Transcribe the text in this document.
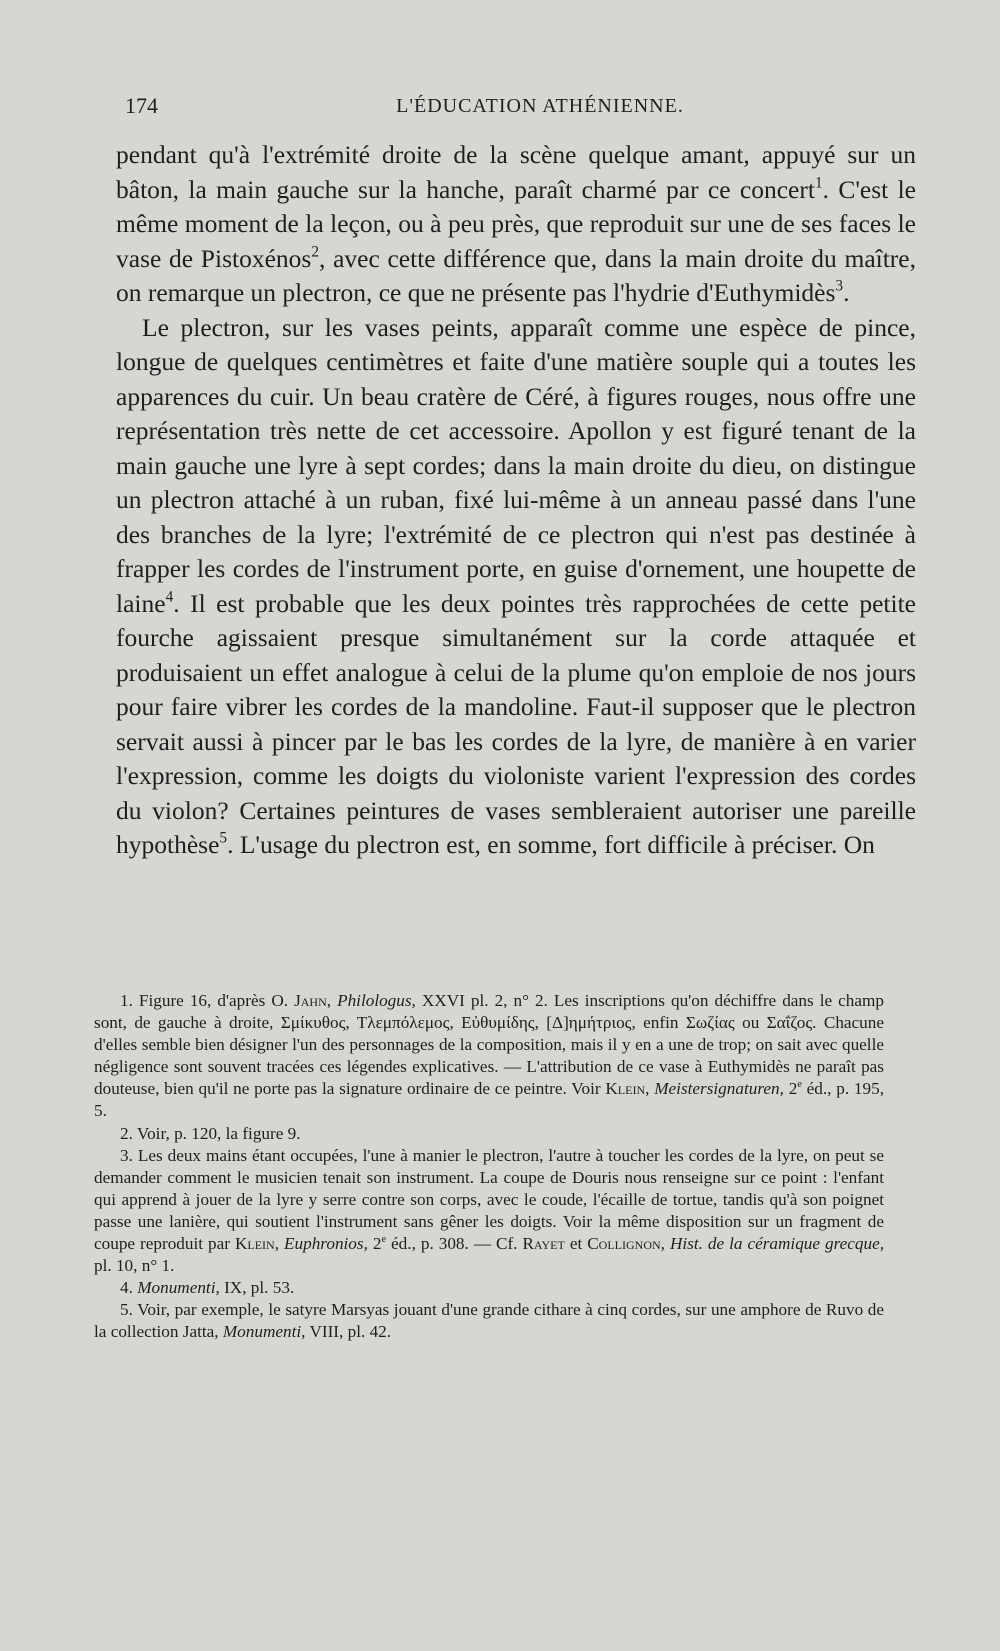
174	L'ÉDUCATION ATHÉNIENNE.

pendant qu'à l'extrémité droite de la scène quelque amant, appuyé sur un bâton, la main gauche sur la hanche, paraît charmé par ce concert$^1$. C'est le même moment de la leçon, ou à peu près, que reproduit sur une de ses faces le vase de Pistoxénos$^2$, avec cette différence que, dans la main droite du maître, on remarque un plectron, ce que ne présente pas l'hydrie d'Euthymidès$^3$.

Le plectron, sur les vases peints, apparaît comme une espèce de pince, longue de quelques centimètres et faite d'une matière souple qui a toutes les apparences du cuir. Un beau cratère de Céré, à figures rouges, nous offre une représentation très nette de cet accessoire. Apollon y est figuré tenant de la main gauche une lyre à sept cordes; dans la main droite du dieu, on distingue un plectron attaché à un ruban, fixé lui-même à un anneau passé dans l'une des branches de la lyre; l'extrémité de ce plectron qui n'est pas destinée à frapper les cordes de l'instrument porte, en guise d'ornement, une houpette de laine$^4$. Il est probable que les deux pointes très rapprochées de cette petite fourche agissaient presque simultanément sur la corde attaquée et produisaient un effet analogue à celui de la plume qu'on emploie de nos jours pour faire vibrer les cordes de la mandoline. Faut-il supposer que le plectron servait aussi à pincer par le bas les cordes de la lyre, de manière à en varier l'expression, comme les doigts du violoniste varient l'expression des cordes du violon? Certaines peintures de vases sembleraient autoriser une pareille hypothèse$^5$. L'usage du plectron est, en somme, fort difficile à préciser. On

1. Figure 16, d'après O. Jahn, Philologus, XXVI pl. 2, n° 2. Les inscriptions qu'on déchiffre dans le champ sont, de gauche à droite, Σμίκυθος, Τλεμπόλεμος, Εὐθυμίδης, [Δ]ημήτριος, enfin Σωζίας ou Σαΐζος. Chacune d'elles semble bien désigner l'un des personnages de la composition, mais il y en a une de trop; on sait avec quelle négligence sont souvent tracées ces légendes explicatives. — L'attribution de ce vase à Euthymidès ne paraît pas douteuse, bien qu'il ne porte pas la signature ordinaire de ce peintre. Voir Klein, Meistersignaturen, 2e éd., p. 195, 5.

2. Voir, p. 120, la figure 9.

3. Les deux mains étant occupées, l'une à manier le plectron, l'autre à toucher les cordes de la lyre, on peut se demander comment le musicien tenait son instrument. La coupe de Douris nous renseigne sur ce point : l'enfant qui apprend à jouer de la lyre y serre contre son corps, avec le coude, l'écaille de tortue, tandis qu'à son poignet passe une lanière, qui soutient l'instrument sans gêner les doigts. Voir la même disposition sur un fragment de coupe reproduit par Klein, Euphronios, 2e éd., p. 308. — Cf. Rayet et Collignon, Hist. de la céramique grecque, pl. 10, n° 1.

4. Monumenti, IX, pl. 53.

5. Voir, par exemple, le satyre Marsyas jouant d'une grande cithare à cinq cordes, sur une amphore de Ruvo de la collection Jatta, Monumenti, VIII, pl. 42.
